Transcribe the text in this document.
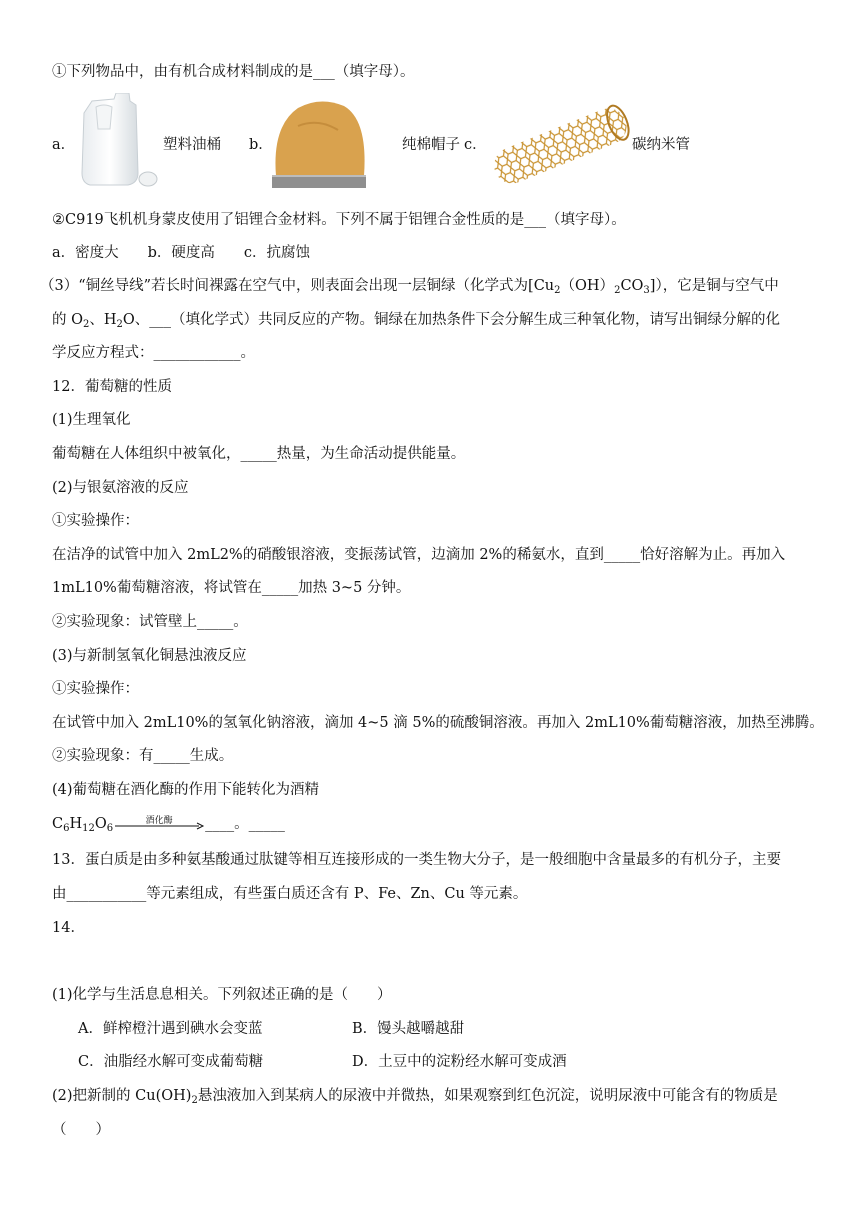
①下列物品中，由有机合成材料制成的是___（填字母）。
a．	塑料油桶 b．	纯棉帽子 c．	碳纳米管
②C919飞机机身蒙皮使用了铝锂合金材料。下列不属于铝锂合金性质的是___（填字母）。
a．密度大　　b．硬度高　　c．抗腐蚀
（3）“铜丝导线”若长时间裸露在空气中，则表面会出现一层铜绿（化学式为$[Cu_2(OH)_2CO_3]$），它是铜与空气中
的 $O_2$、$H_2O$、___（填化学式）共同反应的产物。铜绿在加热条件下会分解生成三种氧化物，请写出铜绿分解的化
学反应方程式：____________。
12．葡萄糖的性质
(1)生理氧化
葡萄糖在人体组织中被氧化，_____热量，为生命活动提供能量。
(2)与银氨溶液的反应
①实验操作：
在洁净的试管中加入 2mL2%的硝酸银溶液，变振荡试管，边滴加 2%的稀氨水，直到_____恰好溶解为止。再加入
1mL10%葡萄糖溶液，将试管在_____加热 3~5 分钟。
②实验现象：试管壁上_____。
(3)与新制氢氧化铜悬浊液反应
①实验操作：
在试管中加入 2mL10%的氢氧化钠溶液，滴加 4~5 滴 5%的硫酸铜溶液。再加入 2mL10%葡萄糖溶液，加热至沸腾。
②实验现象：有_____生成。
(4)葡萄糖在酒化酶的作用下能转化为酒精
$C_6H_{12}O_6$
酒化酶	____。_____
13．蛋白质是由多种氨基酸通过肽键等相互连接形成的一类生物大分子，是一般细胞中含量最多的有机分子，主要
由___________等元素组成，有些蛋白质还含有 P、Fe、Zn、Cu 等元素。
14．
(1)化学与生活息息相关。下列叙述正确的是（　　）
A．鲜榨橙汁遇到碘水会变蓝	B．馒头越嚼越甜
C．油脂经水解可变成葡萄糖	D．土豆中的淀粉经水解可变成酒
(2)把新制的 $Cu(OH)_2$悬浊液加入到某病人的尿液中并微热，如果观察到红色沉淀，说明尿液中可能含有的物质是
（　　）
